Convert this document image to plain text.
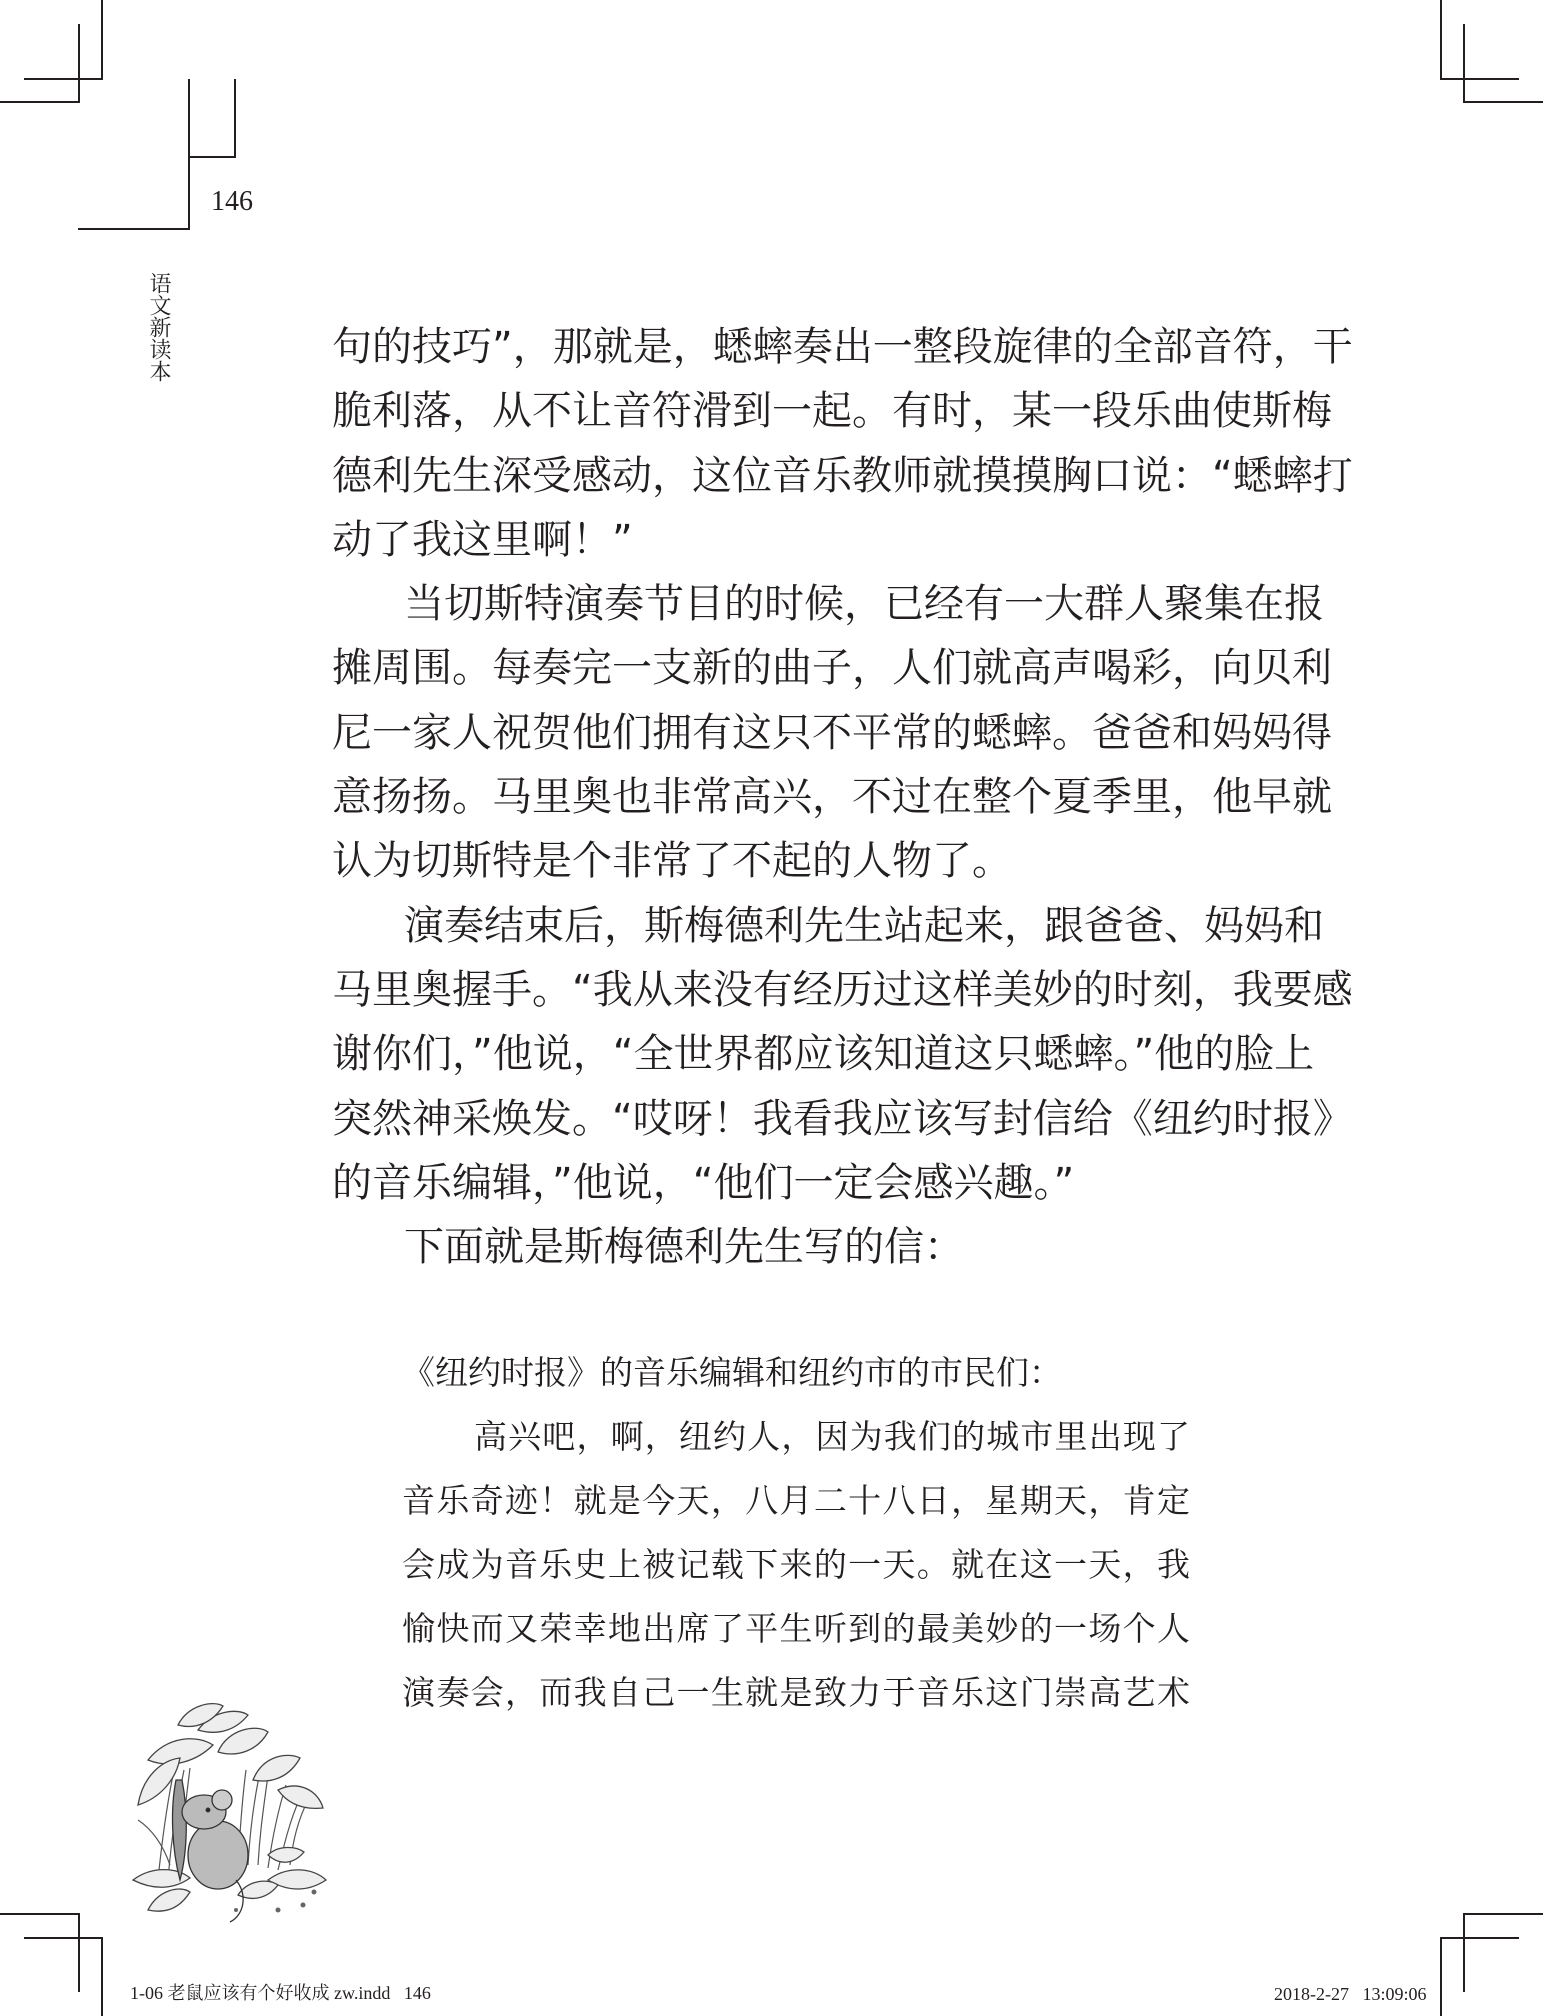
146
语文新读本	句的技巧”，那就是，蟋蟀奏出一整段旋律的全部音符，干
脆利落，从不让音符滑到一起。有时，某一段乐曲使斯梅
德利先生深受感动，这位音乐教师就摸摸胸口说：“蟋蟀打
动了我这里啊！”
当切斯特演奏节目的时候，已经有一大群人聚集在报
摊周围。每奏完一支新的曲子，人们就高声喝彩，向贝利
尼一家人祝贺他们拥有这只不平常的蟋蟀。爸爸和妈妈得
意扬扬。马里奥也非常高兴，不过在整个夏季里，他早就
认为切斯特是个非常了不起的人物了。
演奏结束后，斯梅德利先生站起来，跟爸爸、妈妈和
马里奥握手。“我从来没有经历过这样美妙的时刻，我要感
谢你们，”他说，“全世界都应该知道这只蟋蟀。”他的脸上
突然神采焕发。“哎呀！我看我应该写封信给《纽约时报》
的音乐编辑，”他说，“他们一定会感兴趣。”
下面就是斯梅德利先生写的信：
《纽约时报》的音乐编辑和纽约市的市民们：
高兴吧，啊，纽约人，因为我们的城市里出现了
音乐奇迹！就是今天，八月二十八日，星期天，肯定
会成为音乐史上被记载下来的一天。就在这一天，我
愉快而又荣幸地出席了平生听到的最美妙的一场个人
演奏会，而我自己一生就是致力于音乐这门崇高艺术
1-06 老鼠应该有个好收成 zw.indd   146	2018-2-27   13:09:06
